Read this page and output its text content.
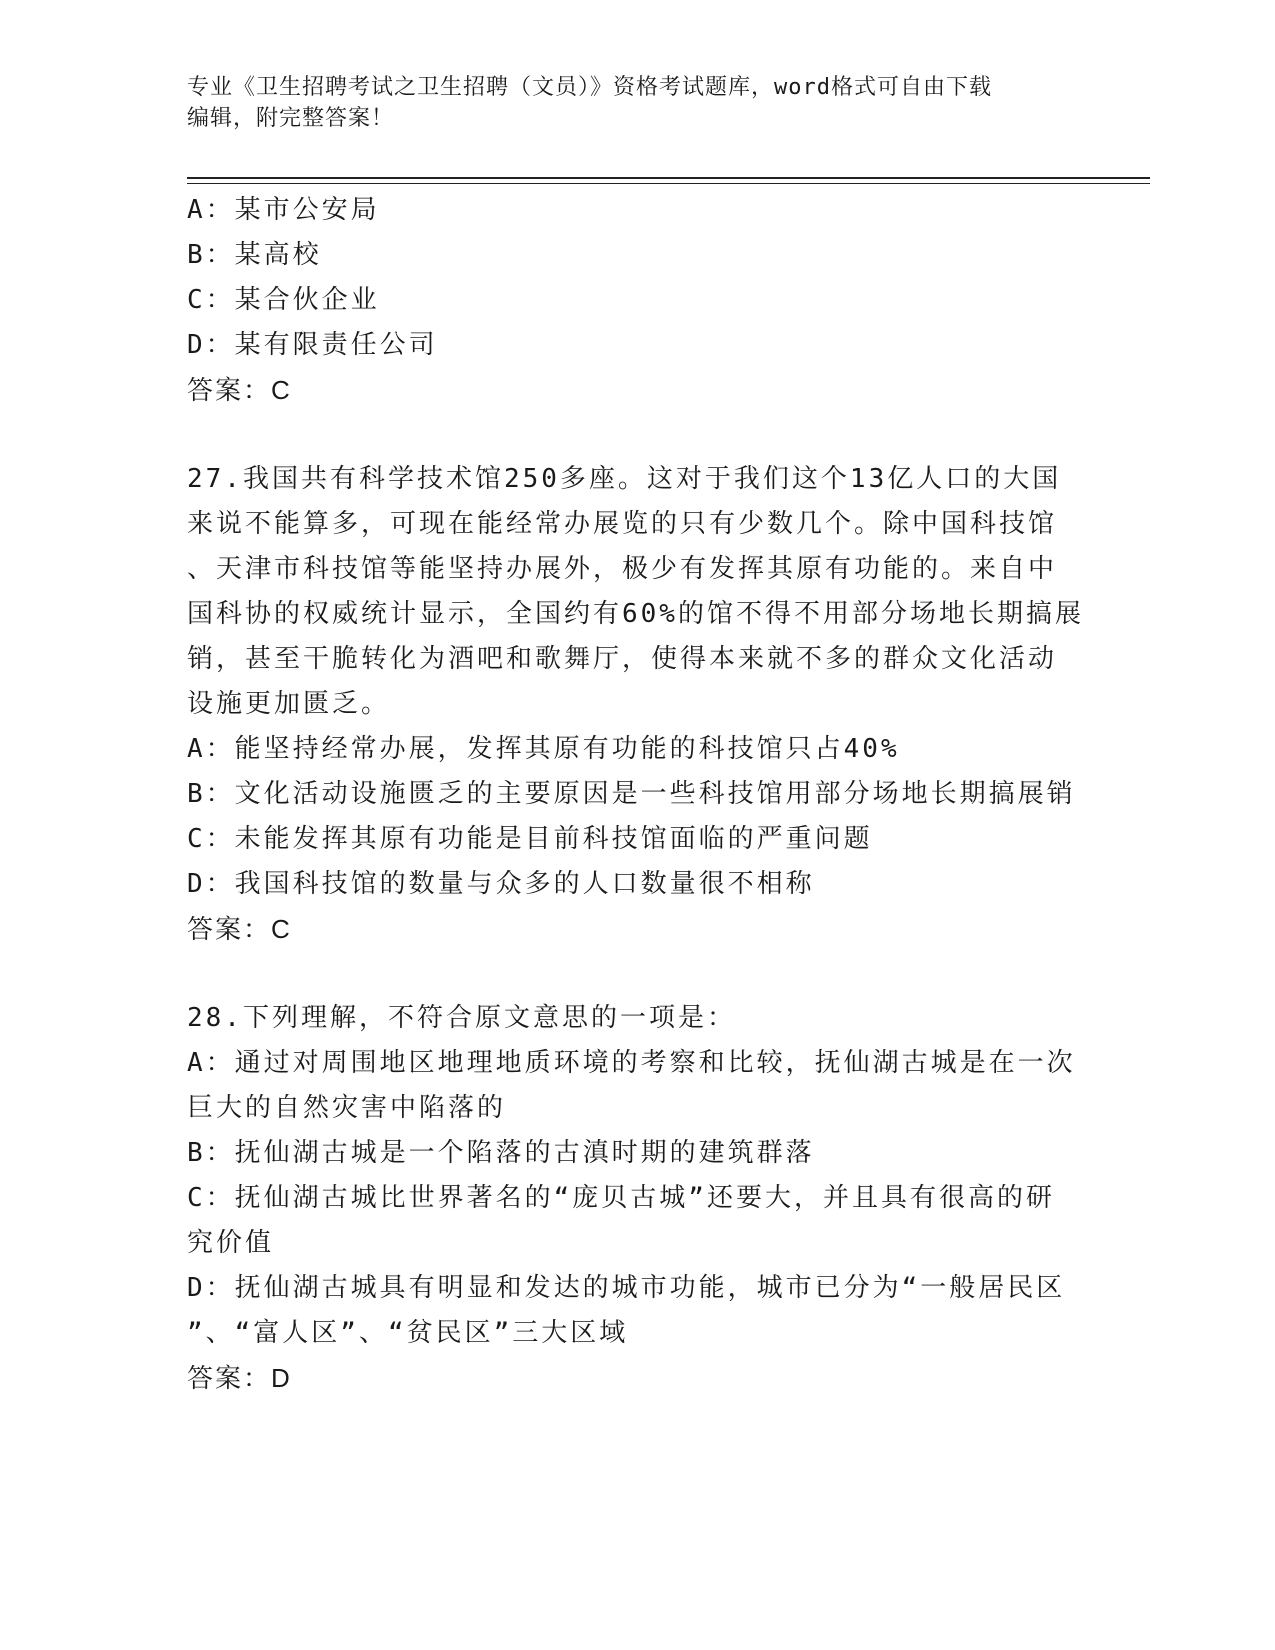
专业《卫生招聘考试之卫生招聘（文员）》资格考试题库，word格式可自由下载
编辑，附完整答案！
A：某市公安局
B：某高校
C：某合伙企业
D：某有限责任公司
答案：C
27.我国共有科学技术馆250多座。这对于我们这个13亿人口的大国
来说不能算多，可现在能经常办展览的只有少数几个。除中国科技馆
、天津市科技馆等能坚持办展外，极少有发挥其原有功能的。来自中
国科协的权威统计显示，全国约有60%的馆不得不用部分场地长期搞展
销，甚至干脆转化为酒吧和歌舞厅，使得本来就不多的群众文化活动
设施更加匮乏。
A：能坚持经常办展，发挥其原有功能的科技馆只占40%
B：文化活动设施匮乏的主要原因是一些科技馆用部分场地长期搞展销
C：未能发挥其原有功能是目前科技馆面临的严重问题
D：我国科技馆的数量与众多的人口数量很不相称
答案：C
28.下列理解，不符合原文意思的一项是：
A：通过对周围地区地理地质环境的考察和比较，抚仙湖古城是在一次
巨大的自然灾害中陷落的
B：抚仙湖古城是一个陷落的古滇时期的建筑群落
C：抚仙湖古城比世界著名的“庞贝古城”还要大，并且具有很高的研
究价值
D：抚仙湖古城具有明显和发达的城市功能，城市已分为“一般居民区
”、“富人区”、“贫民区”三大区域
答案：D
